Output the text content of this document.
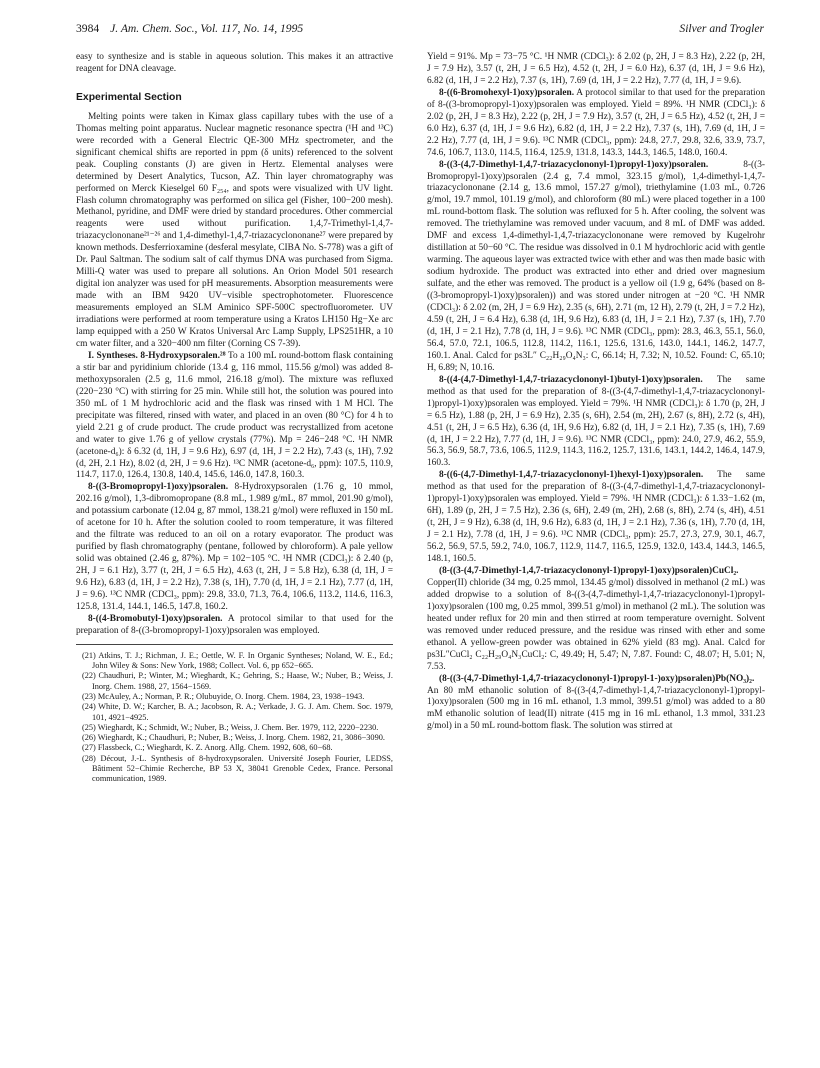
3984 J. Am. Chem. Soc., Vol. 117, No. 14, 1995	Silver and Trogler

easy to synthesize and is stable in aqueous solution. This makes it an attractive reagent for DNA cleavage.

Experimental Section

Melting points were taken in Kimax glass capillary tubes with the use of a Thomas melting point apparatus. Nuclear magnetic resonance spectra (¹H and ¹³C) were recorded with a General Electric QE-300 MHz spectrometer, and the significant chemical shifts are reported in ppm (δ units) referenced to the solvent peak. Coupling constants (J) are given in Hertz. Elemental analyses were determined by Desert Analytics, Tucson, AZ. Thin layer chromatography was performed on Merck Kieselgel 60 F₂₅₄, and spots were visualized with UV light. Flash column chromatography was performed on silica gel (Fisher, 100−200 mesh). Methanol, pyridine, and DMF were dried by standard procedures. Other commercial reagents were used without purification. 1,4,7-Trimethyl-1,4,7-triazacyclononane²¹⁻²⁶ and 1,4-dimethyl-1,4,7-triazacyclononane²⁷ were prepared by known methods. Desferrioxamine (desferal mesylate, CIBA No. S-778) was a gift of Dr. Paul Saltman. The sodium salt of calf thymus DNA was purchased from Sigma. Milli-Q water was used to prepare all solutions. An Orion Model 501 research digital ion analyzer was used for pH measurements. Absorption measurements were made with an IBM 9420 UV−visible spectrophotometer. Fluorescence measurements employed an SLM Aminico SPF-500C spectrofluorometer. UV irradiations were performed at room temperature using a Kratos LH150 Hg−Xe arc lamp equipped with a 250 W Kratos Universal Arc Lamp Supply, LPS251HR, a 10 cm water filter, and a 320−400 nm filter (Corning CS 7-39).

I. Syntheses. 8-Hydroxypsoralen.²⁸ To a 100 mL round-bottom flask containing a stir bar and pyridinium chloride (13.4 g, 116 mmol, 115.56 g/mol) was added 8-methoxypsoralen (2.5 g, 11.6 mmol, 216.18 g/mol). The mixture was refluxed (220−230 °C) with stirring for 25 min. While still hot, the solution was poured into 350 mL of 1 M hydrochloric acid and the flask was rinsed with 1 M HCl. The precipitate was filtered, rinsed with water, and placed in an oven (80 °C) for 4 h to yield 2.21 g of crude product. The crude product was recrystallized from acetone and water to give 1.76 g of yellow crystals (77%). Mp = 246−248 °C. ¹H NMR (acetone-d₆): δ 6.32 (d, 1H, J = 9.6 Hz), 6.97 (d, 1H, J = 2.2 Hz), 7.43 (s, 1H), 7.92 (d, 2H, 2.1 Hz), 8.02 (d, 2H, J = 9.6 Hz). ¹³C NMR (acetone-d₆, ppm): 107.5, 110.9, 114.7, 117.0, 126.4, 130.8, 140.4, 145.6, 146.0, 147.8, 160.3.

8-((3-Bromopropyl-1)oxy)psoralen. 8-Hydroxypsoralen (1.76 g, 10 mmol, 202.16 g/mol), 1,3-dibromopropane (8.8 mL, 1.989 g/mL, 87 mmol, 201.90 g/mol), and potassium carbonate (12.04 g, 87 mmol, 138.21 g/mol) were refluxed in 150 mL of acetone for 10 h. After the solution cooled to room temperature, it was filtered and the filtrate was reduced to an oil on a rotary evaporator. The product was purified by flash chromatography (pentane, followed by chloroform). A pale yellow solid was obtained (2.46 g, 87%). Mp = 102−105 °C. ¹H NMR (CDCl₃): δ 2.40 (p, 2H, J = 6.1 Hz), 3.77 (t, 2H, J = 6.5 Hz), 4.63 (t, 2H, J = 5.8 Hz), 6.38 (d, 1H, J = 9.6 Hz), 6.83 (d, 1H, J = 2.2 Hz), 7.38 (s, 1H), 7.70 (d, 1H, J = 2.1 Hz), 7.77 (d, 1H, J = 9.6). ¹³C NMR (CDCl₃, ppm): 29.8, 33.0, 71.3, 76.4, 106.6, 113.2, 114.6, 116.3, 125.8, 131.4, 144.1, 146.5, 147.8, 160.2.

8-((4-Bromobutyl-1)oxy)psoralen. A protocol similar to that used for the preparation of 8-((3-bromopropyl-1)oxy)psoralen was employed.

(21) Atkins, T. J.; Richman, J. E.; Oettle, W. F. In Organic Syntheses; Noland, W. E., Ed.; John Wiley & Sons: New York, 1988; Collect. Vol. 6, pp 652−665.
(22) Chaudhuri, P.; Winter, M.; Wieghardt, K.; Gehring, S.; Haase, W.; Nuber, B.; Weiss, J. Inorg. Chem. 1988, 27, 1564−1569.
(23) McAuley, A.; Norman, P. R.; Olubuyide, O. Inorg. Chem. 1984, 23, 1938−1943.
(24) White, D. W.; Karcher, B. A.; Jacobson, R. A.; Verkade, J. G. J. Am. Chem. Soc. 1979, 101, 4921−4925.
(25) Wieghardt, K.; Schmidt, W.; Nuber, B.; Weiss, J. Chem. Ber. 1979, 112, 2220−2230.
(26) Wieghardt, K.; Chaudhuri, P.; Nuber, B.; Weiss, J. Inorg. Chem. 1982, 21, 3086−3090.
(27) Flassbeck, C.; Wieghardt, K. Z. Anorg. Allg. Chem. 1992, 608, 60−68.
(28) Décout, J.-L. Synthesis of 8-hydroxypsoralen. Université Joseph Fourier, LEDSS, Bâtiment 52−Chimie Recherche, BP 53 X, 38041 Grenoble Cedex, France. Personal communication, 1989.

Yield = 91%. Mp = 73−75 °C. ¹H NMR (CDCl₃): δ 2.02 (p, 2H, J = 8.3 Hz), 2.22 (p, 2H, J = 7.9 Hz), 3.57 (t, 2H, J = 6.5 Hz), 4.52 (t, 2H, J = 6.0 Hz), 6.37 (d, 1H, J = 9.6 Hz), 6.82 (d, 1H, J = 2.2 Hz), 7.37 (s, 1H), 7.69 (d, 1H, J = 2.2 Hz), 7.77 (d, 1H, J = 9.6).

8-((6-Bromohexyl-1)oxy)psoralen. A protocol similar to that used for the preparation of 8-((3-bromopropyl-1)oxy)psoralen was employed. Yield = 89%. ¹H NMR (CDCl₃): δ 2.02 (p, 2H, J = 8.3 Hz), 2.22 (p, 2H, J = 7.9 Hz), 3.57 (t, 2H, J = 6.5 Hz), 4.52 (t, 2H, J = 6.0 Hz), 6.37 (d, 1H, J = 9.6 Hz), 6.82 (d, 1H, J = 2.2 Hz), 7.37 (s, 1H), 7.69 (d, 1H, J = 2.2 Hz), 7.77 (d, 1H, J = 9.6). ¹³C NMR (CDCl₃, ppm): 24.8, 27.7, 29.8, 32.6, 33.9, 73.7, 74.6, 106.7, 113.0, 114.5, 116.4, 125.9, 131.8, 143.3, 144.3, 146.5, 148.0, 160.4.

8-((3-(4,7-Dimethyl-1,4,7-triazacyclononyl-1)propyl-1)oxy)psoralen. 8-((3-Bromopropyl-1)oxy)psoralen (2.4 g, 7.4 mmol, 323.15 g/mol), 1,4-dimethyl-1,4,7-triazacyclononane (2.14 g, 13.6 mmol, 157.27 g/mol), triethylamine (1.03 mL, 0.726 g/mol, 19.7 mmol, 101.19 g/mol), and chloroform (80 mL) were placed together in a 100 mL round-bottom flask. The solution was refluxed for 5 h. After cooling, the solvent was removed. The triethylamine was removed under vacuum, and 8 mL of DMF was added. DMF and excess 1,4-dimethyl-1,4,7-triazacyclononane were removed by Kugelrohr distillation at 50−60 °C. The residue was dissolved in 0.1 M hydrochloric acid with gentle warming. The aqueous layer was extracted twice with ether and was then made basic with sodium hydroxide. The product was extracted into ether and dried over magnesium sulfate, and the ether was removed. The product is a yellow oil (1.9 g, 64% (based on 8-((3-bromopropyl-1)oxy)psoralen)) and was stored under nitrogen at −20 °C. ¹H NMR (CDCl₃): δ 2.02 (m, 2H, J = 6.9 Hz), 2.35 (s, 6H), 2.71 (m, 12 H), 2.79 (t, 2H, J = 7.2 Hz), 4.59 (t, 2H, J = 6.4 Hz), 6.38 (d, 1H, 9.6 Hz), 6.83 (d, 1H, J = 2.1 Hz), 7.37 (s, 1H), 7.70 (d, 1H, J = 2.1 Hz), 7.78 (d, 1H, J = 9.6). ¹³C NMR (CDCl₃, ppm): 28.3, 46.3, 55.1, 56.0, 56.4, 57.0, 72.1, 106.5, 112.8, 114.2, 116.1, 125.6, 131.6, 143.0, 144.1, 146.2, 147.7, 160.1. Anal. Calcd for ps3L″ C₂₂H₂₉O₄N₃: C, 66.14; H, 7.32; N, 10.52. Found: C, 65.10; H, 6.89; N, 10.16.

8-((4-(4,7-Dimethyl-1,4,7-triazacyclononyl-1)butyl-1)oxy)psoralen. The same method as that used for the preparation of 8-((3-(4,7-dimethyl-1,4,7-triazacyclononyl-1)propyl-1)oxy)psoralen was employed. Yield = 79%. ¹H NMR (CDCl₃): δ 1.70 (p, 2H, J = 6.5 Hz), 1.88 (p, 2H, J = 6.9 Hz), 2.35 (s, 6H), 2.54 (m, 2H), 2.67 (s, 8H), 2.72 (s, 4H), 4.51 (t, 2H, J = 6.5 Hz), 6.36 (d, 1H, 9.6 Hz), 6.82 (d, 1H, J = 2.1 Hz), 7.35 (s, 1H), 7.69 (d, 1H, J = 2.2 Hz), 7.77 (d, 1H, J = 9.6). ¹³C NMR (CDCl₃, ppm): 24.0, 27.9, 46.2, 55.9, 56.3, 56.9, 58.7, 73.6, 106.5, 112.9, 114.3, 116.2, 125.7, 131.6, 143.1, 144.2, 146.4, 147.9, 160.3.

8-((6-(4,7-Dimethyl-1,4,7-triazacyclononyl-1)hexyl-1)oxy)psoralen. The same method as that used for the preparation of 8-((3-(4,7-dimethyl-1,4,7-triazacyclononyl-1)propyl-1)oxy)psoralen was employed. Yield = 79%. ¹H NMR (CDCl₃): δ 1.33−1.62 (m, 6H), 1.89 (p, 2H, J = 7.5 Hz), 2.36 (s, 6H), 2.49 (m, 2H), 2.68 (s, 8H), 2.74 (s, 4H), 4.51 (t, 2H, J = 9 Hz), 6.38 (d, 1H, 9.6 Hz), 6.83 (d, 1H, J = 2.1 Hz), 7.36 (s, 1H), 7.70 (d, 1H, J = 2.1 Hz), 7.78 (d, 1H, J = 9.6). ¹³C NMR (CDCl₃, ppm): 25.7, 27.3, 27.9, 30.1, 46.7, 56.2, 56.9, 57.5, 59.2, 74.0, 106.7, 112.9, 114.7, 116.5, 125.9, 132.0, 143.4, 144.3, 146.5, 148.1, 160.5.

(8-((3-(4,7-Dimethyl-1,4,7-triazacyclononyl-1)propyl-1)oxy)psoralen)CuCl₂. Copper(II) chloride (34 mg, 0.25 mmol, 134.45 g/mol) dissolved in methanol (2 mL) was added dropwise to a solution of 8-((3-(4,7-dimethyl-1,4,7-triazacyclononyl-1)propyl-1)oxy)psoralen (100 mg, 0.25 mmol, 399.51 g/mol) in methanol (2 mL). The solution was heated under reflux for 20 min and then stirred at room temperature overnight. Solvent was removed under reduced pressure, and the residue was rinsed with ether and some ethanol. A yellow-green powder was obtained in 62% yield (83 mg). Anal. Calcd for ps3L″CuCl₂ C₂₂H₂₉O₄N₃CuCl₂: C, 49.49; H, 5.47; N, 7.87. Found: C, 48.07; H, 5.01; N, 7.53.

(8-((3-(4,7-Dimethyl-1,4,7-triazacyclononyl-1)propyl-1-)oxy)psoralen)Pb(NO₃)₂. An 80 mM ethanolic solution of 8-((3-(4,7-dimethyl-1,4,7-triazacyclononyl-1)propyl-1)oxy)psoralen (500 mg in 16 mL ethanol, 1.3 mmol, 399.51 g/mol) was added to a 80 mM ethanolic solution of lead(II) nitrate (415 mg in 16 mL ethanol, 1.3 mmol, 331.23 g/mol) in a 50 mL round-bottom flask. The solution was stirred at
